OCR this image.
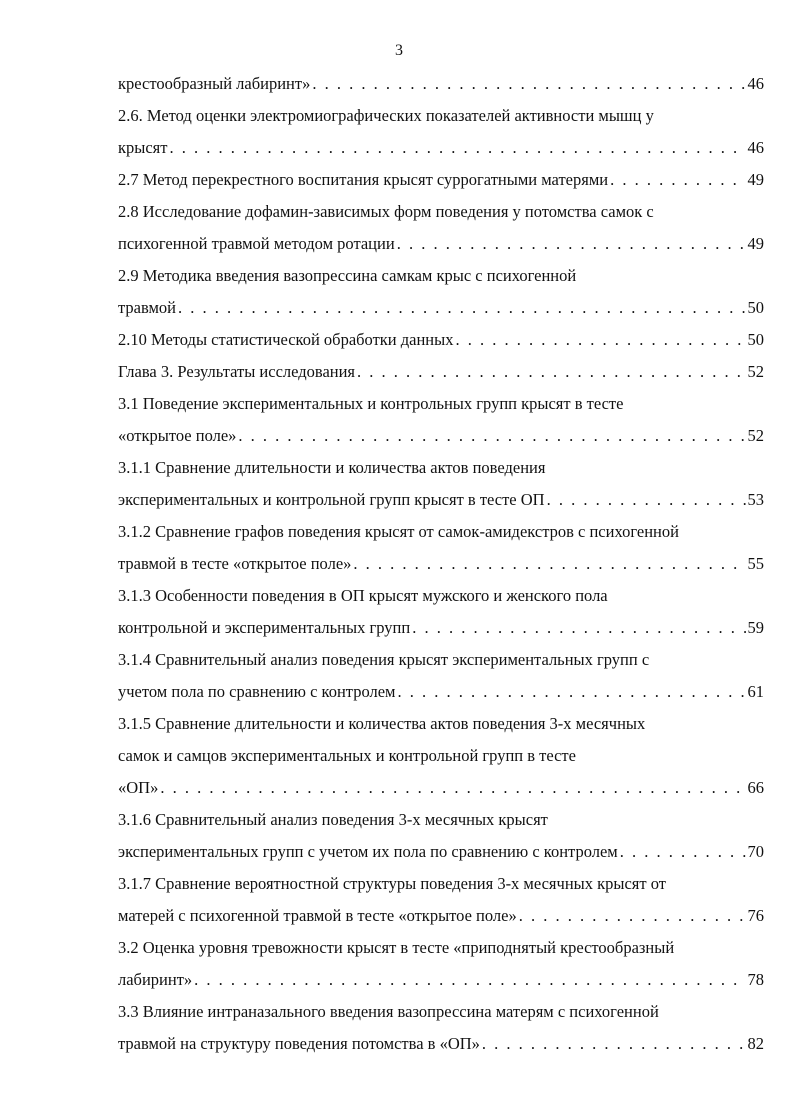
3
крестообразный лабиринт» . . .	46
2.6. Метод оценки электромиографических показателей активности мышц у
крысят . . .	46
2.7 Метод перекрестного воспитания крысят суррогатными матерями . . .	49
2.8 Исследование дофамин-зависимых форм поведения у потомства самок с
психогенной травмой методом ротации . . .	49
2.9 Методика введения вазопрессина самкам крыс с психогенной
травмой . . .	50
2.10 Методы статистической обработки данных . . .	50
Глава 3. Результаты исследования . . .	52
3.1 Поведение экспериментальных и контрольных групп крысят в тесте
«открытое поле» . . .	52
3.1.1 Сравнение длительности и количества актов поведения
экспериментальных и контрольной групп крысят в тесте ОП . . .	53
3.1.2 Сравнение графов поведения крысят от самок-амидекстров с психогенной
травмой в тесте «открытое поле» . . .	55
3.1.3 Особенности поведения в ОП крысят мужского и женского пола
контрольной и экспериментальных групп . . .	59
3.1.4 Сравнительный анализ поведения крысят экспериментальных групп с
учетом пола по сравнению с контролем . . .	61
3.1.5 Сравнение длительности и количества актов поведения 3-х месячных
самок и самцов экспериментальных и контрольной групп в тесте
«ОП» . . .	66
3.1.6 Сравнительный анализ поведения 3-х месячных крысят
экспериментальных групп с учетом их пола по сравнению с контролем . . .	70
3.1.7 Сравнение вероятностной структуры поведения 3-х месячных крысят от
матерей с психогенной травмой в тесте «открытое поле» . . .	76
3.2 Оценка уровня тревожности крысят в тесте «приподнятый крестообразный
лабиринт» . . .	78
3.3 Влияние интраназального введения вазопрессина матерям с психогенной
травмой на структуру поведения потомства в «ОП» . . .	82
